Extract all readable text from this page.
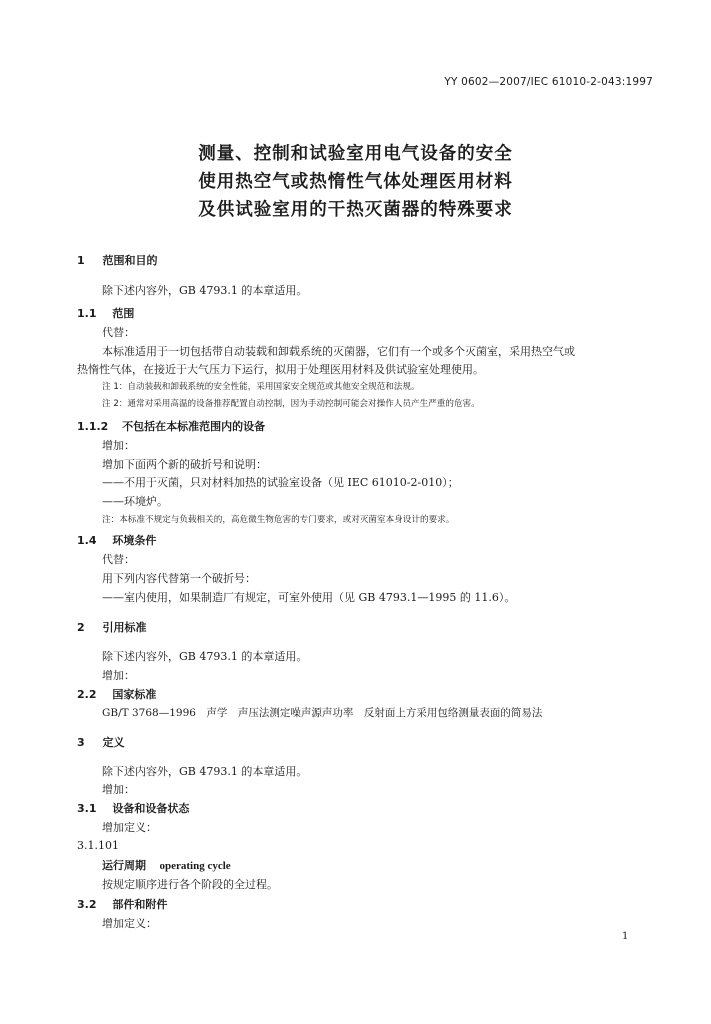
YY 0602—2007/IEC 61010-2-043:1997
测量、控制和试验室用电气设备的安全
使用热空气或热惰性气体处理医用材料
及供试验室用的干热灭菌器的特殊要求
1 范围和目的
除下述内容外，GB 4793.1 的本章适用。
1.1 范围
代替：
本标准适用于一切包括带自动装载和卸载系统的灭菌器，它们有一个或多个灭菌室，采用热空气或
热惰性气体，在接近于大气压力下运行，拟用于处理医用材料及供试验室处理使用。
注 1：自动装载和卸载系统的安全性能，采用国家安全规范或其他安全规范和法规。
注 2：通常对采用高温的设备推荐配置自动控制，因为手动控制可能会对操作人员产生严重的危害。
1.1.2 不包括在本标准范围内的设备
增加：
增加下面两个新的破折号和说明：
——不用于灭菌，只对材料加热的试验室设备（见 IEC 61010-2-010）；
——环境炉。
注：本标准不规定与负载相关的，高危微生物危害的专门要求，或对灭菌室本身设计的要求。
1.4 环境条件
代替：
用下列内容代替第一个破折号：
——室内使用，如果制造厂有规定，可室外使用（见 GB 4793.1—1995 的 11.6）。
2 引用标准
除下述内容外，GB 4793.1 的本章适用。
增加：
2.2 国家标准
GB/T 3768—1996　声学　声压法测定噪声源声功率　反射面上方采用包络测量表面的简易法
3 定义
除下述内容外，GB 4793.1 的本章适用。
增加：
3.1 设备和设备状态
增加定义：
3.1.101
运行周期 operating cycle
按规定顺序进行各个阶段的全过程。
3.2 部件和附件
增加定义：
1
